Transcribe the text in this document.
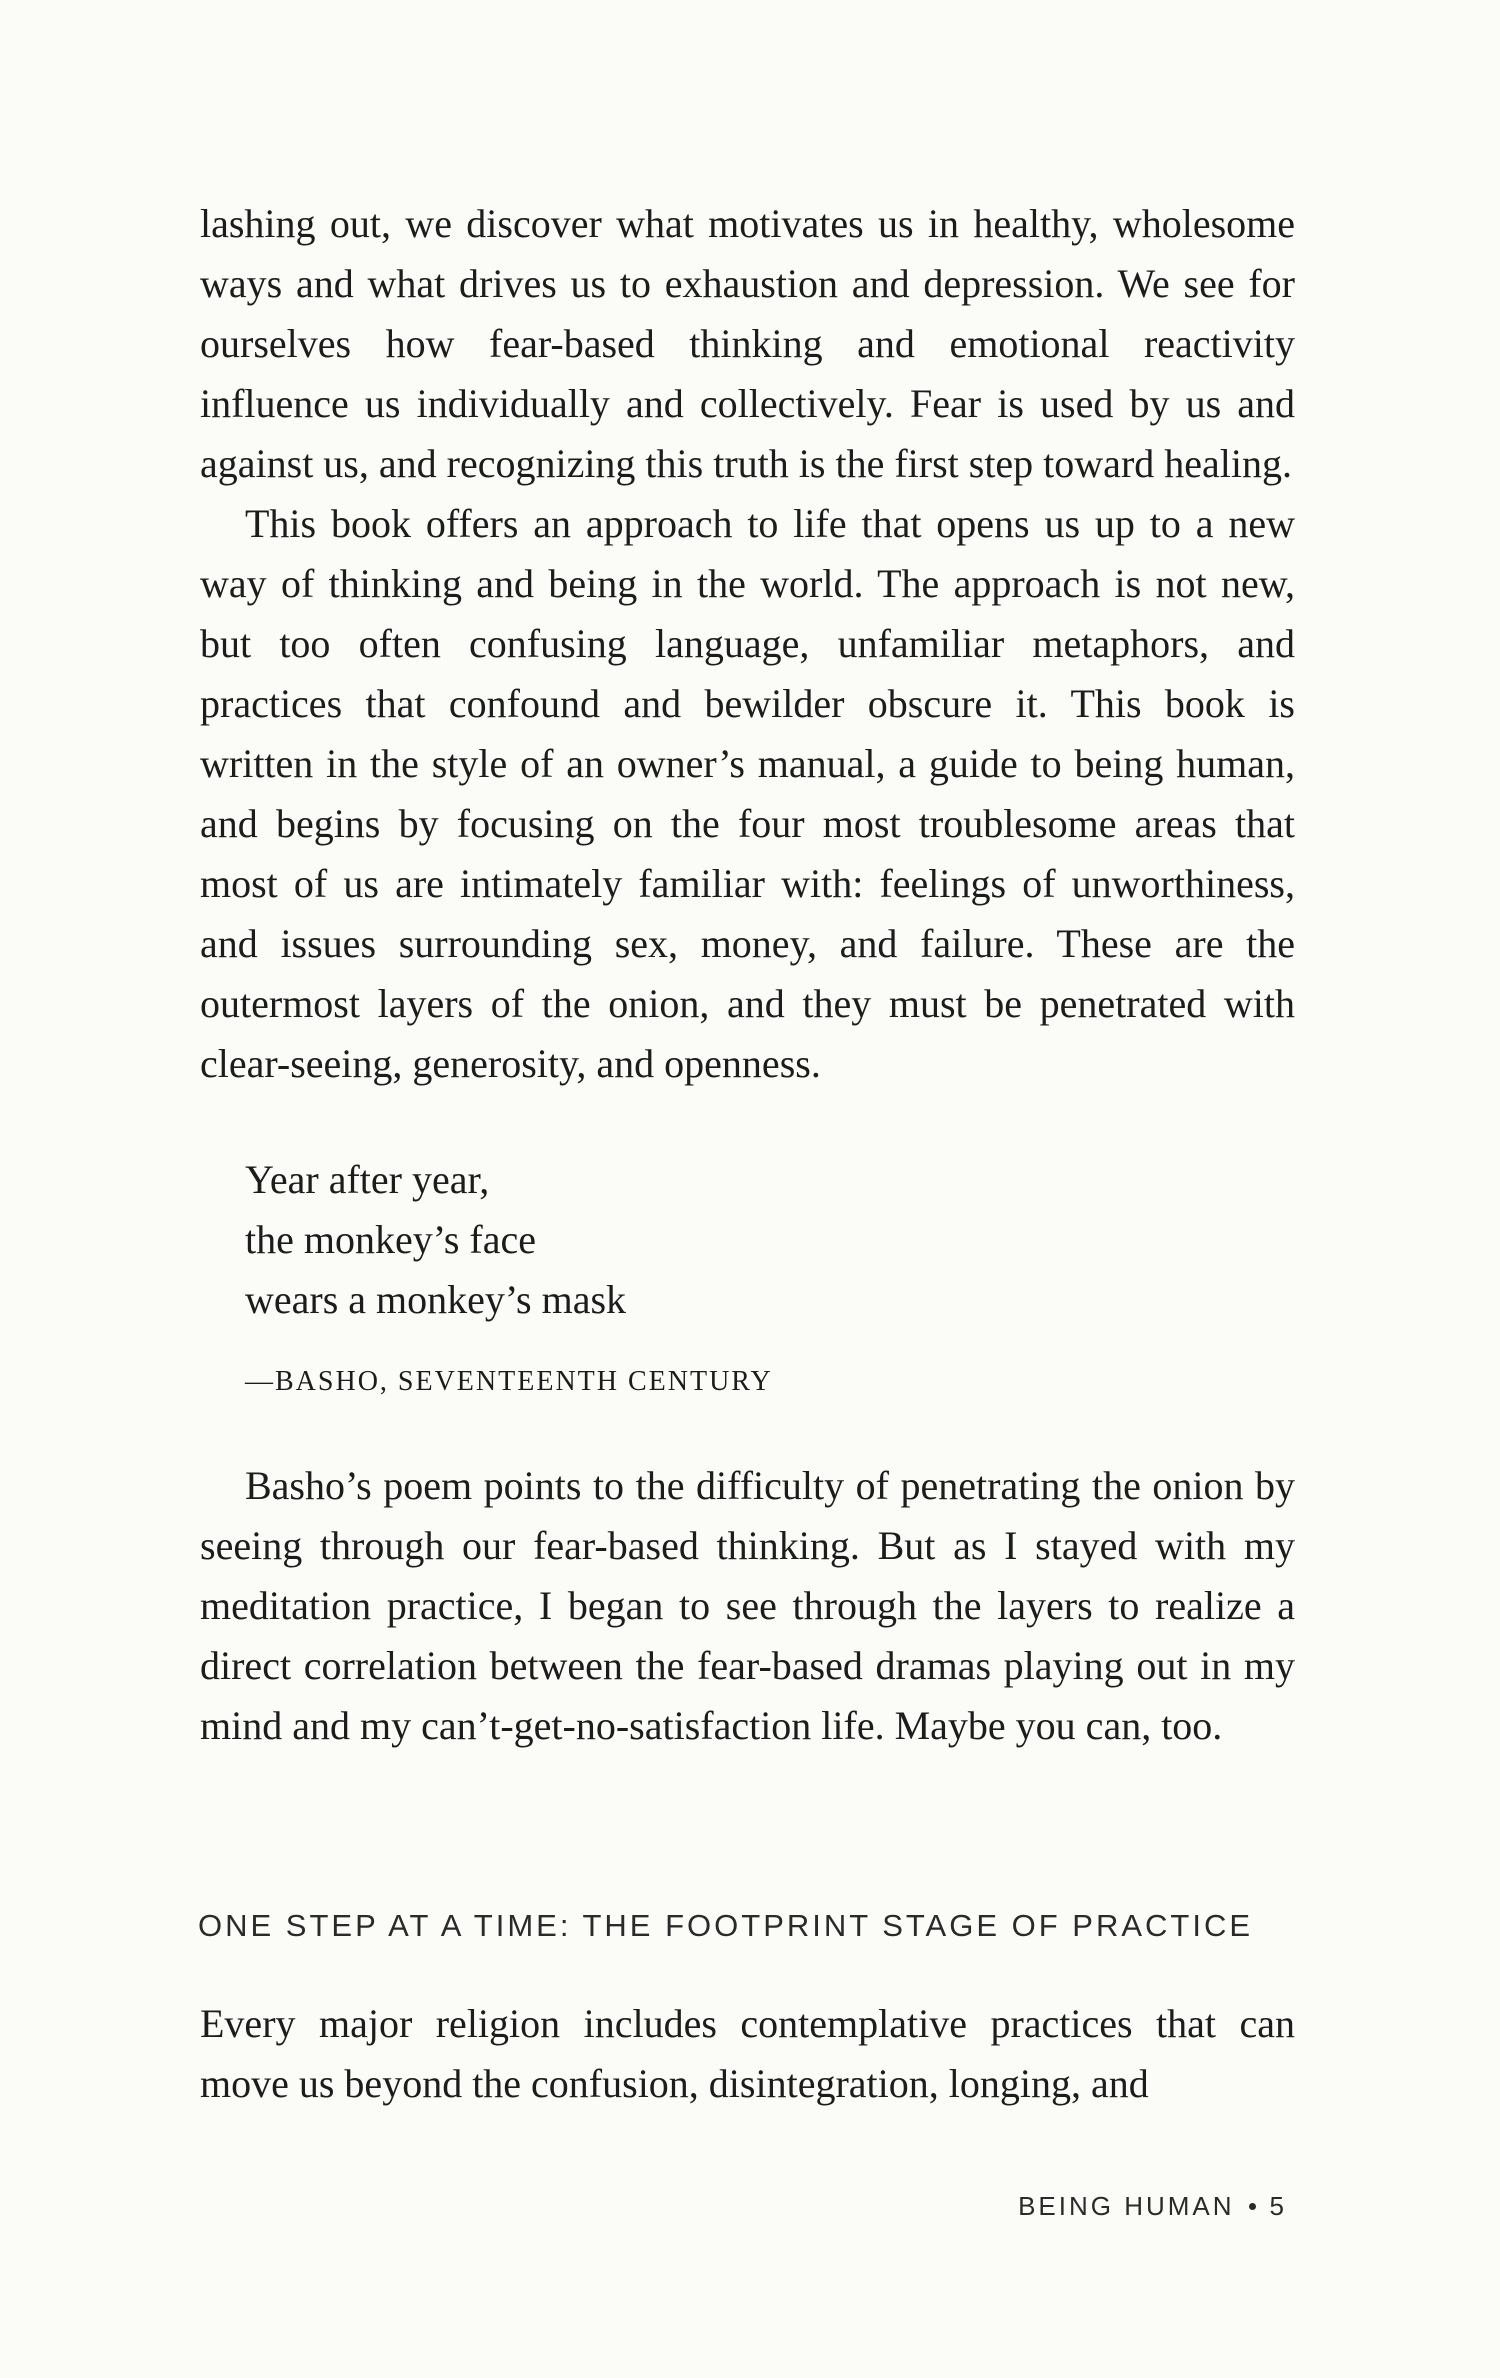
lashing out, we discover what motivates us in healthy, wholesome ways and what drives us to exhaustion and depression. We see for ourselves how fear-based thinking and emotional reactivity influence us individually and collectively. Fear is used by us and against us, and recognizing this truth is the first step toward healing.

This book offers an approach to life that opens us up to a new way of thinking and being in the world. The approach is not new, but too often confusing language, unfamiliar metaphors, and practices that confound and bewilder obscure it. This book is written in the style of an owner’s manual, a guide to being human, and begins by focusing on the four most troublesome areas that most of us are intimately familiar with: feelings of unworthiness, and issues surrounding sex, money, and failure. These are the outermost layers of the onion, and they must be penetrated with clear-seeing, generosity, and openness.

Year after year,
the monkey’s face
wears a monkey’s mask
—BASHO, SEVENTEENTH CENTURY

Basho’s poem points to the difficulty of penetrating the onion by seeing through our fear-based thinking. But as I stayed with my meditation practice, I began to see through the layers to realize a direct correlation between the fear-based dramas playing out in my mind and my can’t-get-no-satisfaction life. Maybe you can, too.

ONE STEP AT A TIME: THE FOOTPRINT STAGE OF PRACTICE

Every major religion includes contemplative practices that can move us beyond the confusion, disintegration, longing, and

BEING HUMAN 5
